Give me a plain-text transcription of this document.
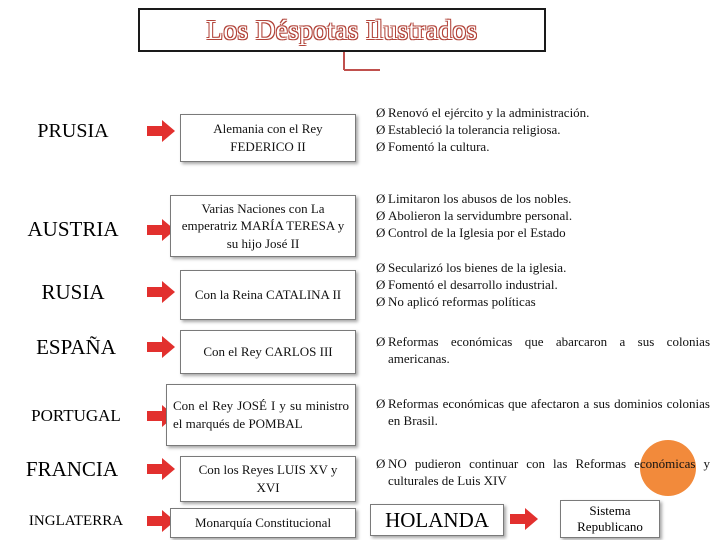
Los Déspotas Ilustrados
PRUSIA
AUSTRIA
RUSIA
ESPAÑA
PORTUGAL
FRANCIA
INGLATERRA
Alemania con el Rey FEDERICO II
Varias Naciones con La emperatriz MARÍA TERESA y su hijo José II
Con la Reina CATALINA II
Con el Rey CARLOS III
Con el Rey JOSÉ I y su ministro el marqués de POMBAL
Con los Reyes LUIS XV y XVI
Monarquía Constitucional
Ø Renovó el ejército y la administración.
Ø Estableció la tolerancia religiosa.
Ø Fomentó la cultura.
Ø Limitaron los abusos de los nobles.
Ø Abolieron la servidumbre personal.
Ø Control de la Iglesia por el Estado
Ø Secularizó los bienes de la iglesia.
Ø Fomentó el desarrollo industrial.
Ø No aplicó reformas políticas
Ø Reformas económicas que abarcaron a sus colonias americanas.
Ø Reformas económicas que afectaron a sus dominios colonias en Brasil.
Ø NO pudieron continuar con las Reformas económicas y culturales de Luis XIV
HOLANDA	Sistema Republicano
